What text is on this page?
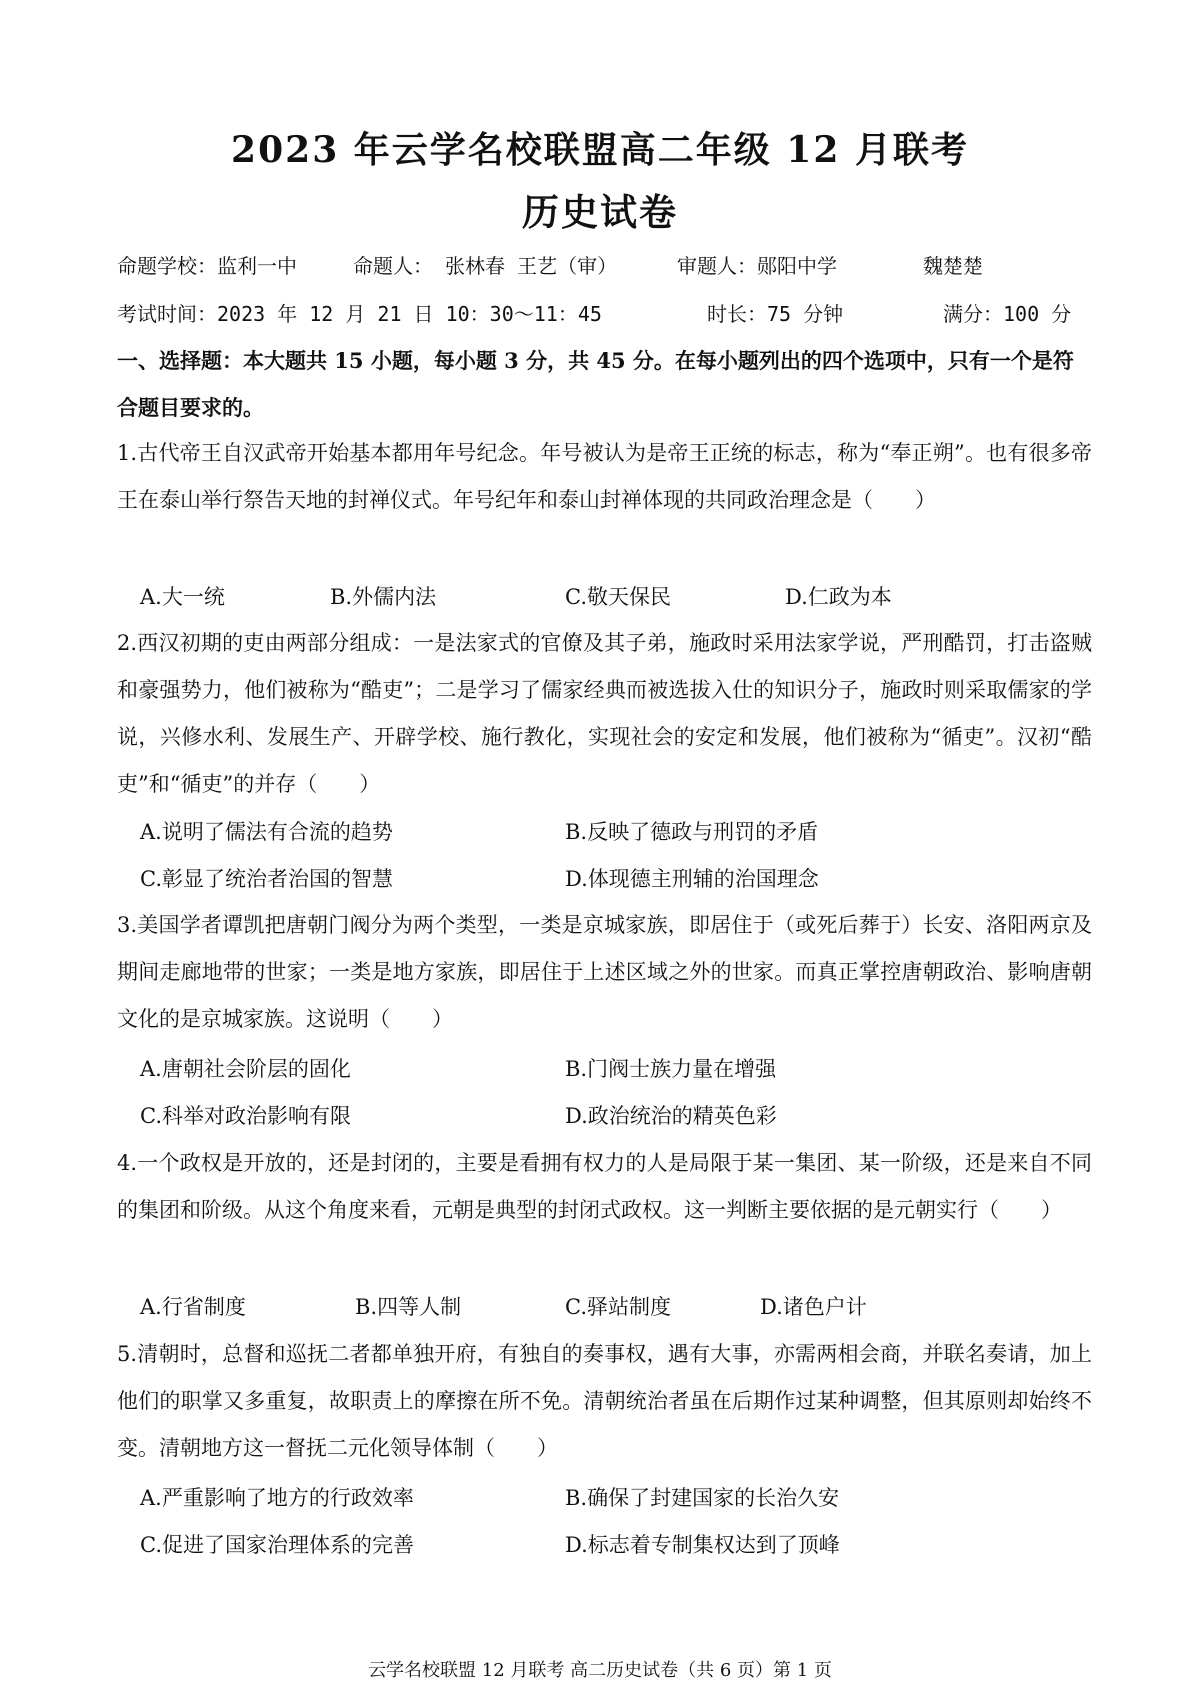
2023 年云学名校联盟高二年级 12 月联考
历史试卷
命题学校：监利一中	命题人： 张林春 王艺（审）	审题人：郧阳中学	魏楚楚
考试时间：2023 年 12 月 21 日 10：30～11：45	时长：75 分钟	满分：100 分
一、选择题：本大题共 15 小题，每小题 3 分，共 45 分。在每小题列出的四个选项中，只有一个是符合题目要求的。
1.古代帝王自汉武帝开始基本都用年号纪念。年号被认为是帝王正统的标志，称为“奉正朔”。也有很多帝王在泰山举行祭告天地的封禅仪式。年号纪年和泰山封禅体现的共同政治理念是（　　）
A.大一统	B.外儒内法	C.敬天保民	D.仁政为本
2.西汉初期的吏由两部分组成：一是法家式的官僚及其子弟，施政时采用法家学说，严刑酷罚，打击盗贼和豪强势力，他们被称为“酷吏”；二是学习了儒家经典而被选拔入仕的知识分子，施政时则采取儒家的学说，兴修水利、发展生产、开辟学校、施行教化，实现社会的安定和发展，他们被称为“循吏”。汉初“酷吏”和“循吏”的并存（　　）
A.说明了儒法有合流的趋势	B.反映了德政与刑罚的矛盾
C.彰显了统治者治国的智慧	D.体现德主刑辅的治国理念
3.美国学者谭凯把唐朝门阀分为两个类型，一类是京城家族，即居住于（或死后葬于）长安、洛阳两京及期间走廊地带的世家；一类是地方家族，即居住于上述区域之外的世家。而真正掌控唐朝政治、影响唐朝文化的是京城家族。这说明（　　）
A.唐朝社会阶层的固化	B.门阀士族力量在增强
C.科举对政治影响有限	D.政治统治的精英色彩
4.一个政权是开放的，还是封闭的，主要是看拥有权力的人是局限于某一集团、某一阶级，还是来自不同的集团和阶级。从这个角度来看，元朝是典型的封闭式政权。这一判断主要依据的是元朝实行（　　）
A.行省制度	B.四等人制	C.驿站制度	D.诸色户计
5.清朝时，总督和巡抚二者都单独开府，有独自的奏事权，遇有大事，亦需两相会商，并联名奏请，加上他们的职掌又多重复，故职责上的摩擦在所不免。清朝统治者虽在后期作过某种调整，但其原则却始终不变。清朝地方这一督抚二元化领导体制（　　）
A.严重影响了地方的行政效率	B.确保了封建国家的长治久安
C.促进了国家治理体系的完善	D.标志着专制集权达到了顶峰
云学名校联盟 12 月联考 高二历史试卷（共 6 页）第 1 页
